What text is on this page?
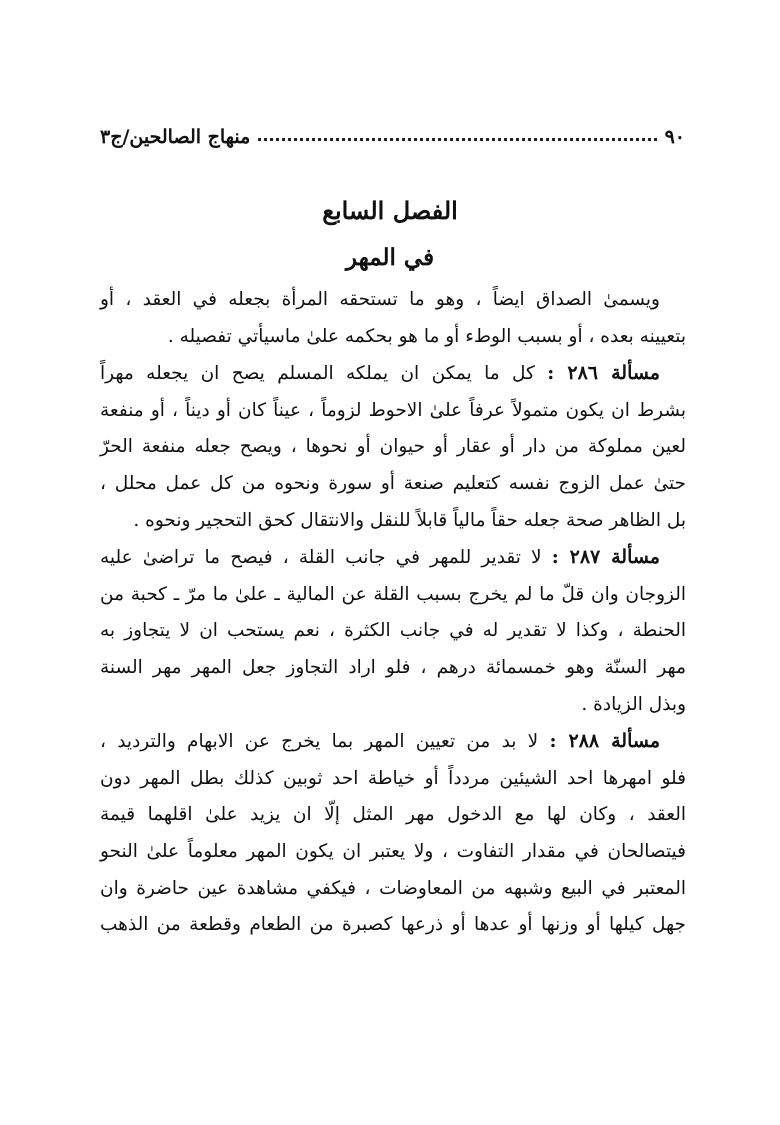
٩٠
منهاج الصالحين/ج٣
الفصل السابع
في المهر

ويسمىٰ الصداق ايضاً ، وهو ما تستحقه المرأة بجعله في العقد ، أو

بتعيينه بعده ، أو بسبب الوطء أو ما هو بحكمه علىٰ ماسيأتي تفصيله .

مسألة ٢٨٦ : كل ما يمكن ان يملكه المسلم يصح ان يجعله مهراً

بشرط ان يكون متمولاً عرفاً علىٰ الاحوط لزوماً ، عيناً كان أو ديناً ، أو منفعة

لعين مملوكة من دار أو عقار أو حيوان أو نحوها ، ويصح جعله منفعة الحرّ

حتىٰ عمل الزوج نفسه كتعليم صنعة أو سورة ونحوه من كل عمل محلل ،

بل الظاهر صحة جعله حقاً مالياً قابلاً للنقل والانتقال كحق التحجير ونحوه .

مسألة ٢٨٧ : لا تقدير للمهر في جانب القلة ، فيصح ما تراضىٰ عليه

الزوجان وان قلّ ما لم يخرج بسبب القلة عن المالية ـ علىٰ ما مرّ ـ كحبة من

الحنطة ، وكذا لا تقدير له في جانب الكثرة ، نعم يستحب ان لا يتجاوز به

مهر السنّة وهو خمسمائة درهم ، فلو اراد التجاوز جعل المهر مهر السنة

وبذل الزيادة .

مسألة ٢٨٨ : لا بد من تعيين المهر بما يخرج عن الابهام والترديد ،

فلو امهرها احد الشيئين مردداً أو خياطة احد ثوبين كذلك بطل المهر دون

العقد ، وكان لها مع الدخول مهر المثل إلّا ان يزيد علىٰ اقلهما قيمة

فيتصالحان في مقدار التفاوت ، ولا يعتبر ان يكون المهر معلوماً علىٰ النحو

المعتبر في البيع وشبهه من المعاوضات ، فيكفي مشاهدة عين حاضرة وان

جهل كيلها أو وزنها أو عدها أو ذرعها كصبرة من الطعام وقطعة من الذهب
